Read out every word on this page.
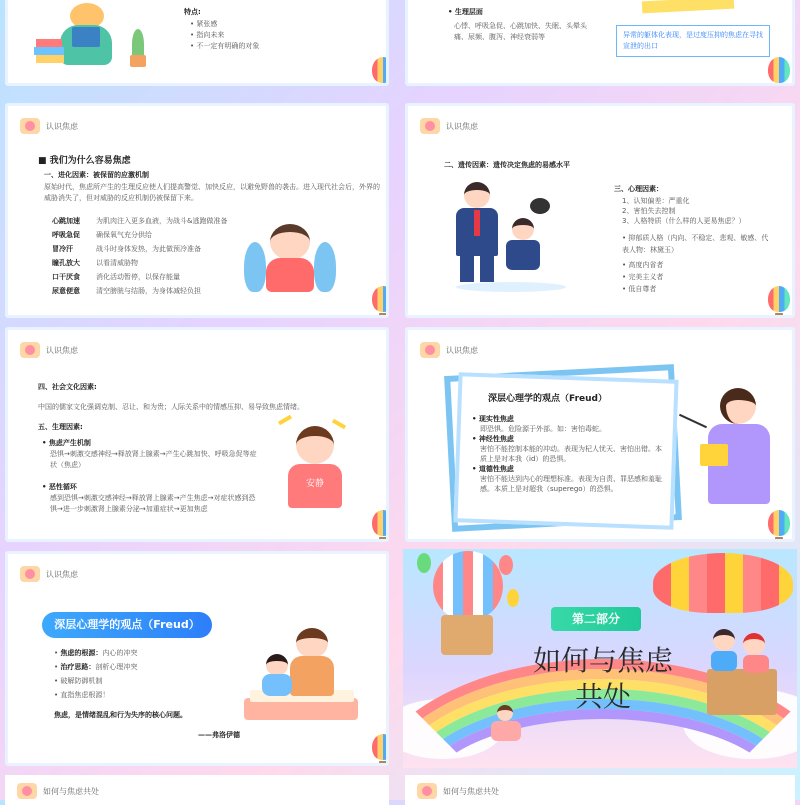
特点:
• 紧张感
• 指向未来
• 不一定有明确的对象
• 生理层面
心悸、呼吸急促、心跳加快、失眠、头晕头痛、尿频、腹泻、神经衰弱等	异常的躯体化表现，是过度压抑的焦虑在寻找宣泄的出口
认识焦虑
■ 我们为什么容易焦虑
一、进化因素：被保留的应激机制
原始时代，焦虑所产生的生理反应使人们提高警觉、加快反应，以避免野兽的袭击。进入现代社会后，外界的威胁消失了，但对威胁的反应机制仍被保留下来。
心跳加速 为肌肉注入更多血液，为战斗&逃跑做准备
呼吸急促 确保氧气充分供给
冒冷汗	战斗时身体发热，为此做预冷准备
瞳孔放大 以看清威胁物
口干厌食 消化活动暂停，以保存能量
尿意便意 清空膀胱与结肠，为身体减轻负担
认识焦虑
二、遗传因素：遗传决定焦虑的易感水平
三、心理因素：
1、认知偏差：严重化
2、害怕失去控制
3、人格特质（什么样的人更易焦虑？）
• 抑郁质人格（内向、不稳定、悲观、敏感、代表人物：林黛玉）
• 高度内省者
• 完美主义者
• 低自尊者
认识焦虑
四、社会文化因素:
中国的儒家文化强调克制、忍让、和为贵；人际关系中的情感压抑、易导致焦虑情绪。
五、生理因素:
• 焦虑产生机制
恐惧→刺激交感神经→释放肾上腺素→产生心跳加快、呼吸急促等症状（焦虑）
• 恶性循环
感到恐惧→刺激交感神经→释放肾上腺素→产生焦虑→对症状感到恐惧→进一步刺激肾上腺素分泌→加重症状→更加焦虑
安静
认识焦虑
深层心理学的观点（Freud）
• 现实性焦虑
即恐惧。危险源于外部。如：害怕毒蛇。
• 神经性焦虑
害怕不能控制本能的冲动。表现为杞人忧天、害怕出错。本质上是对本我（id）的恐惧。
• 道德性焦虑
害怕不能达到内心的理想标准。表现为自责、罪恶感和羞耻感。本质上是对超我（superego）的恐惧。
认识焦虑
深层心理学的观点（Freud）
• 焦虑的根源：内心的冲突
• 治疗思路：剖析心理冲突
• 破解防御机制
• 直指焦虑根源！
焦虑，是情绪混乱和行为失序的核心问题。
——弗洛伊德
第二部分
如何与焦虑
共处
如何与焦虑共处	如何与焦虑共处
